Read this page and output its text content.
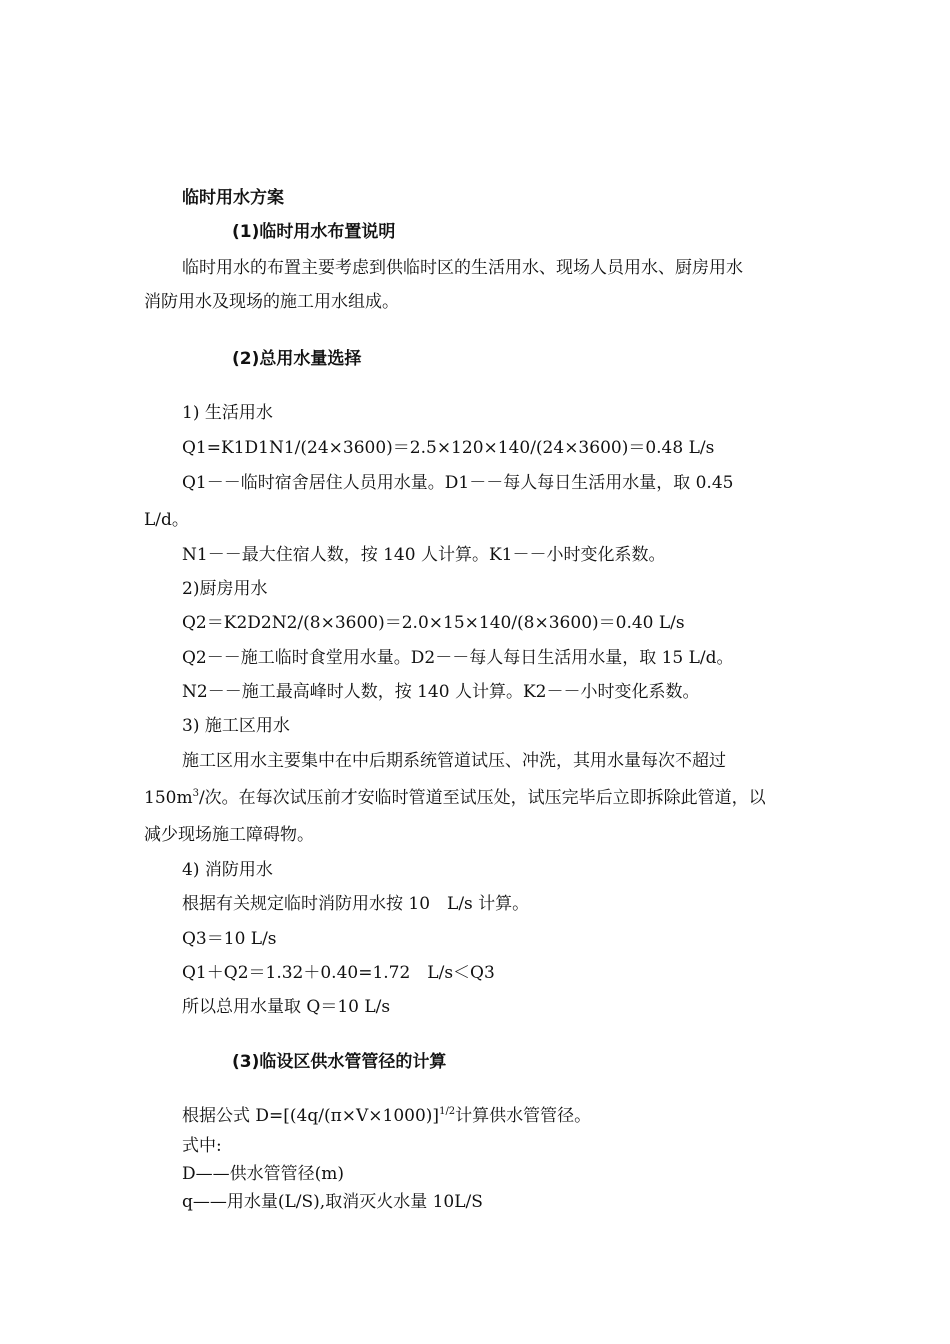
临时用水方案
(1)临时用水布置说明
临时用水的布置主要考虑到供临时区的生活用水、现场人员用水、厨房用水
消防用水及现场的施工用水组成。
(2)总用水量选择
1) 生活用水
Q1=K1D1N1/(24×3600)＝2.5×120×140/(24×3600)＝0.48 L/s
Q1－－临时宿舍居住人员用水量。D1－－每人每日生活用水量，取 0.45
L/d。
N1－－最大住宿人数，按 140 人计算。K1－－小时变化系数。
2)厨房用水
Q2＝K2D2N2/(8×3600)＝2.0×15×140/(8×3600)＝0.40 L/s
Q2－－施工临时食堂用水量。D2－－每人每日生活用水量，取 15 L/d。
N2－－施工最高峰时人数，按 140 人计算。K2－－小时变化系数。
3) 施工区用水
施工区用水主要集中在中后期系统管道试压、冲洗，其用水量每次不超过
$150m^3/$次。在每次试压前才安临时管道至试压处，试压完毕后立即拆除此管道，以
减少现场施工障碍物。
4) 消防用水
根据有关规定临时消防用水按 10　L/s 计算。
Q3＝10 L/s
Q1＋Q2＝1.32＋0.40=1.72　L/s＜Q3
所以总用水量取 Q＝10 L/s
(3)临设区供水管管径的计算
根据公式 $D=[(4q/(\pi\times V\times 1000)]^{1/2}$计算供水管管径。
式中:
D——供水管管径(m)
q——用水量(L/S),取消灭火水量 10L/S
